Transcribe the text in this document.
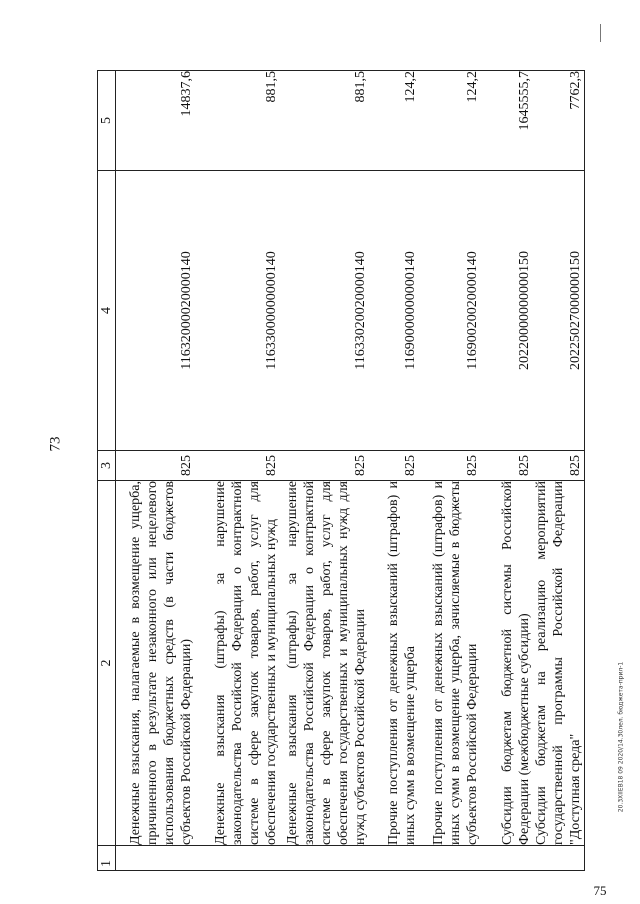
73
1	2	3	4	5

	Денежные взыскания, налагаемые в возмещение ущерба, причиненного в результате незаконного или нецелевого использования бюджетных средств (в части бюджетов субъектов Российской Федерации)	825	11632000020000140	14837,6

	Денежные взыскания (штрафы) за нарушение законодательства Российской Федерации о контрактной системе в сфере закупок товаров, работ, услуг для обеспечения государственных и муниципальных нужд	825	11633000000000140	881,5

	Денежные взыскания (штрафы) за нарушение законодательства Российской Федерации о контрактной системе в сфере закупок товаров, работ, услуг для обеспечения государственных и муниципальных нужд для нужд субъектов Российской Федерации	825	11633020020000140	881,5

	Прочие поступления от денежных взысканий (штрафов) и иных сумм в возмещение ущерба	825	11690000000000140	124,2

	Прочие поступления от денежных взысканий (штрафов) и иных сумм в возмещение ущерба, зачисляемые в бюджеты субъектов Российской Федерации	825	11690020020000140	124,2

	Субсидии бюджетам бюджетной системы Российской Федерации (межбюджетные субсидии)	825	20220000000000150	1645555,7

	Субсидии бюджетам на реализацию мероприятий государственной программы Российской Федерации "Доступная среда"	825	20225027000000150	7762,3
20.3XIIEB18 09 2020/14.30лел. бюджета-прил-1
75
